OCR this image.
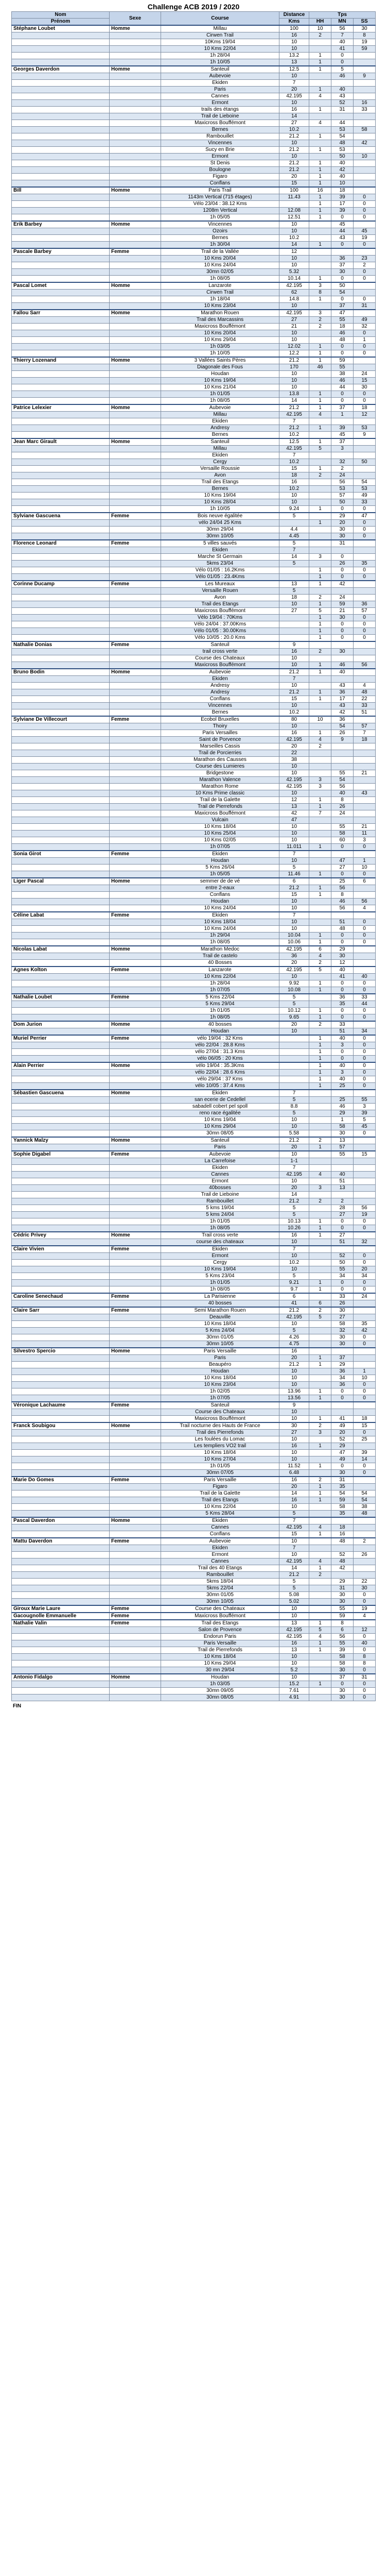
Challenge ACB 2019 / 2020						
Nom	Sexe	Course	Distance	Tps		
Prénom			Kms	HH	MN	SS
Stéphane Loubet	Homme	Millau	100	10	56	30
		Cirwen Trail	16	2	7	8
		10Kms 19/04	10		40	19
		10 Kms 22/04	10		41	59
		1h 28/04	13.2	1	0	
		1h 10/05	13	1	0	
Georges Daverdon	Homme	Santeuil	12.5	1	5	
		Aubevoie	10		46	9
		Ekiden	7			
		Paris	20	1	40	
		Cannes	42.195	4	43	
		Ermont	10		52	16
		trails des étangs	16	1	31	33
		Trail de Lieboine	14			
		Maxicross Bouffémont	27	4	44	
		Bernes	10.2		53	58
		Rambouillet	21.2	1	54	
		Vincennes	10		48	42
		Sucy en Brie	21.2	1	53	
		Ermont	10		50	10
		St Denis	21.2	1	40	
		Boulogne	21.2	1	42	
		Figaro	20	1	40	
		Conflans	15	1	10	
Bill	Homme	Paris Trail	100	16	18	
		1143m Vertical (715 étages)	11.43	1	39	0
		Vélo 23/04 : 38.12 Kms		1	17	0
		1208m Vertical	12.08	1	39	0
		1h 05/05	12.51	1	0	0
Erik Barbey	Homme	Vincennes	10		45	
		Ozoirs	10		44	45
		Bernes	10.2		43	19
		1h 30/04	14	1	0	0
Pascale Barbey	Femme	Trail de la Vallée	12			
		10 Kms 20/04	10		36	23
		10 Kms 24/04	10		37	2
		30mn 02/05	5.32		30	0
		1h 08/05	10.14	1	0	0
Pascal Lomet	Homme	Lanzarote	42.195	3	50	
		Cirwen Trail	62	8	54	
		1h 18/04	14.8	1	0	0
		10 Kms 23/04	10		37	31
Fallou Sarr	Homme	Marathon Rouen	42.195	3	47	
		Trail des Marcassins	27	2	55	49
		Maxicross Bouffémont	21	2	18	32
		10 Kms 20/04	10		46	0
		10 Kms 29/04	10		48	1
		1h 03/05	12.02	1	0	0
		1h 10/05	12.2	1	0	0
Thierry Lozenand	Homme	3 Vallées Saints Pères	21.2	1	59	
		Diagonale des Fous	170	46	55	
		Houdan	10		38	24
		10 Kms 19/04	10		46	15
		10 Kms 21/04	10		44	30
		1h 01/05	13.8	1	0	0
		1h 08/05	14	1	0	0
Patrice Lelexier	Homme	Aubevoie	21.2	1	37	18
		Millau	42.195	4	1	12
		Ekiden	7			
		Andresy	21.2	1	39	53
		Bernes	10.2		45	9
Jean Marc Girault	Homme	Santeuil	12.5	1	37	
		Millau	42.195	5	3	
		Ekiden	7			
		Cergy	10.2		32	50
		Versaille Roussie	15	1	2	
		Avon	18	2	24	
		Trail des Etangs	16		56	54
		Bernes	10.2		53	53
		10 Kms 19/04	10		57	49
		10 Kms 28/04	10		50	33
		1h 10/05	9.24	1	0	0
Sylviane Gascuena	Femme	Bois neuve égalitée	5		29	47
		vélo 24/04 25 Kms		1	20	0
		30mn 29/04	4.4		30	0
		30mn 10/05	4.45		30	0
Florence Leonard	Femme	5 villes sauvés	5		31	
		Ekiden	7			
		Marche St Germain	14	3	0	
		5kms 23/04	5		26	35
		Vélo 01/05 : 16.2Kms		1	0	0
		Vélo 01/05 : 23.4Kms		1	0	0
Corinne Ducamp	Femme	Les Mureaux	13	1	42	
		Versaille Rouen	5			
		Avon	18	2	24	
		Trail des Etangs	10	1	59	36
		Maxicross Bouffémont	27	5	21	57
		Vélo 19/04 : 70Kms		1	30	0
		Vélo 24/04 : 37.00Kms		1	0	0
		Vélo 01/05 : 30.00Kms		1	0	0
		Vélo 10/05 : 20.0 Kms		1	0	0
Nathalie Donias	Femme	Santeuil	9			
		trail cross verte	16	2	30	
		Course des Chateaux	10			
		Maxicross Bouffémont	10	1	46	56
Bruno Bodin	Homme	Aubevoie	21.2	1	40	
		Ekiden	7			
		Andresy	10		43	4
		Andresy	21.2	1	36	48
		Conflans	15	1	17	22
		Vincennes	10		43	33
		Bernes	10.2		42	51
Sylviane De Villecourt	Femme	Ecobol Bruxelles	80	10	36	
		Thoiry	10		54	57
		Paris Versailles	16	1	26	7
		Saint de Porvence	42.195	4	9	18
		Marseilles Cassis	20	2		
		Trail de Porcierries	22			
		Marathon des Causses	38			
		Course des Lumieres	10			
		Bridgestone	10		55	21
		Marathon Valence	42.195	3	54	
		Marathon Rome	42.195	3	56	
		10 Kms Prime classic	10		40	43
		Trail de la Galette	12	1	8	
		Trail de Pierrefonds	13	1	26	
		Maxicross Bouffémont	42	7	24	
		Vulcain	47			
		10 Kms 18/04	10		55	21
		10 Kms 25/04	10		58	11
		10 Kms 02/05	10		60	3
		1h 07/05	11.011	1	0	0
Sonia Girot	Femme	Ekiden	7			
		Houdan	10		47	1
		5 Kms 26/04	5		27	10
		1h 05/05	11.46	1	0	0
Liger Pascal	Homme	semmer de de vé	6		25	6
		entre 2-eaux	21.2	1	56	
		Conflans	15	1	8	
		Houdan	10		46	56
		10 Kms 24/04	10		56	4
Céline Labat	Femme	Ekiden	7			
		10 Kms 18/04	10		51	0
		10 Kms 24/04	10		48	0
		1h 29/04	10.04	1	0	0
		1h 08/05	10.06	1	0	0
Nicolas Labat	Homme	Marathon Medoc	42.195	6	29	
		Trail de castelo	36	4	30	
		40 Bosses	20	2	12	
Agnes Kolton	Femme	Lanzarote	42.195	5	40	
		10 Kms 22/04	10		41	40
		1h 28/04	9.92	1	0	0
		1h 07/05	10.08	1	0	0
Nathalie Loubet	Femme	5 Kms 22/04	5		36	33
		5 Kms 29/04	5		35	44
		1h 01/05	10.12	1	0	0
		1h 08/05	9.65	1	0	0
Dom Jurion	Homme	40 bosses	20	2	33	
		Houdan	10		51	34
Muriel Perrier	Femme	vélo 19/04 : 32 Kms		1	40	0
		vélo 22/04 : 28.8 Kms		1	3	0
		vélo 27/04 : 31.3 Kms		1	0	0
		vélo 06/05 : 20 Kms		1	0	0
Alain Perrier	Homme	vélo 19/04 : 35.3Kms		1	40	0
		vélo 22/04 : 28.6 Kms		1	3	0
		vélo 29/04 : 37 Kms		1	40	0
		vélo 10/05 : 37.4 Kms		1	25	0
Sébastien Gascuena	Homme	Ekiden	7			
		san ecerie de Cedellel	5		25	55
		sabadell cobert pel spoll	8.8		46	3
		reno race égalitée	5		29	39
		10 Kms 19/04	10		1	5
		10 Kms 29/04	10		58	45
		30mn 08/05	5.58		30	0
Yannick Malzy	Homme	Santeuil	21.2	2	13	
		Paris	20	1	57	
Sophie Digabel	Femme	Aubevoie	10		55	15
		La Carrefoise	1-1			
		Ekiden	7			
		Cannes	42.195	4	40	
		Ermont	10		51	
		40bosses	20	3	13	
		Trail de Lieboine	14			
		Rambouillet	21.2	2	2	
		5 kms 19/04	5		28	56
		5 kms 24/04	5		27	19
		1h 01/05	10.13	1	0	0
		1h 08/05	10.26	1	0	0
Cédric Privey	Homme	Trail cross verte	16	1	27	
		course des chateaux	10		51	32
Claire Vivien	Femme	Ekiden	7			
		Ermont	10		52	0
		Cergy	10.2		50	0
		10 Kms 19/04	10		55	20
		5 Kms 23/04	5		34	34
		1h 01/05	9.21	1	0	0
		1h 08/05	9.7	1	0	0
Caroline Senechaud	Femme	La Parisienne	6		33	24
		40 bosses	41	6	26	
Claire Sarr	Femme	Semi Marathon Rouen	21.2	2	30	
		Deauville	42.195	5	27	
		10 Kms 18/04	10		58	35
		5 Kms 24/04	5		32	42
		30mn 01/05	4.26		30	0
		30mn 10/05	4.75		30	0
Silvestro Spercio	Homme	Paris Versaille	16			
		Paris	20	1	37	
		Beaupéro	21.2	1	29	
		Houdan	10		36	1
		10 Kms 18/04	10		34	10
		10 Kms 23/04	10		36	0
		1h 02/05	13.96	1	0	0
		1h 07/05	13.56	1	0	0
Véronique Lachaume	Femme	Santeuil	9			
		Course des Chateaux	10			
		Maxicross Bouffémont	10	1	41	18
Franck Soubigou	Homme	Trail nocturne des Hauts de France	30	2	49	15
		Trail des Pierrefonds	27	3	20	0
		Les foulées du Lomac	10		52	25
		Les templiers VO2 trail	16	1	29	
		10 Kms 18/04	10		47	39
		10 Kms 27/04	10		49	14
		1h 01/05	11.52	1	0	0
		30mn 07/05	6.48		30	0
Marie Do Gomes	Femme	Paris Versaille	16	2	31	
		Figaro	20	1	35	
		Trail de la Galette	14	1	54	54
		Trail des Etangs	16	1	59	54
		10 Kms 22/04	10		58	38
		5 Kms 28/04	5		35	48
Pascal Daverdon	Homme	Ekiden	7			
		Cannes	42.195	4	18	
		Conflans	15	1	16	
Mattu Daverdon	Femme	Aubevoie	10		48	2
		Ekiden	7			
		Ermont	10		52	26
		Cannes	42.195	4	48	
		Trail des 40 Etangs	14	1	42	
		Rambouillet	21.2	2		
		5kms 18/04	5		29	22
		5kms 22/04	5		31	30
		30mn 01/05	5.08		30	0
		30mn 10/05	5.02		30	0
Giroux Marie Laure	Femme	Course des Chateaux	10		55	19
Gacougnolle Emmanuelle	Femme	Maxicross Bouffémont	10		59	4
Nathalie Valin	Femme	Trail des Etangs	13	1	8	
		Salon de Provence	42.195	5	6	12
		Endorun Paris	42.195	4	56	0
		Paris Versaille	16	1	55	40
		Trail de Pierrefonds	13	1	39	0
		10 Kms 18/04	10		58	8
		10 Kms 29/04	10		58	8
		30 mn 29/04	5.2		30	0
Antonio Fidalgo	Homme	Houdan	10		37	31
		1h 03/05	15.2	1	0	0
		30mn 09/05	7.61		30	0
		30mn 08/05	4.91		30	0
FIN
